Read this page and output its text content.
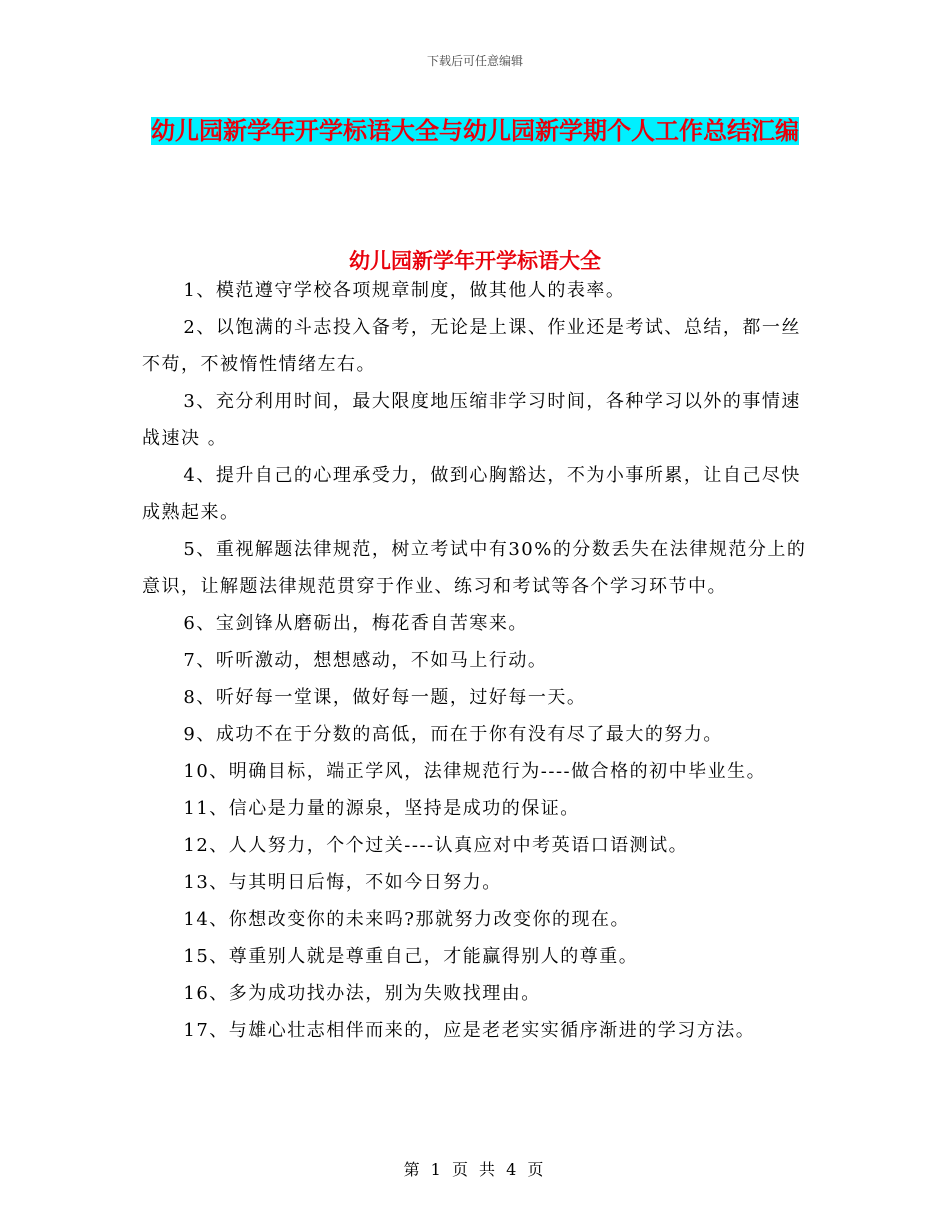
下载后可任意编辑
幼儿园新学年开学标语大全与幼儿园新学期个人工作总结汇编
幼儿园新学年开学标语大全
1、模范遵守学校各项规章制度，做其他人的表率。
2、以饱满的斗志投入备考，无论是上课、作业还是考试、总结，都一丝不苟，不被惰性情绪左右。
3、充分利用时间，最大限度地压缩非学习时间，各种学习以外的事情速战速决 。
4、提升自己的心理承受力，做到心胸豁达，不为小事所累，让自己尽快成熟起来。
5、重视解题法律规范，树立考试中有30%的分数丢失在法律规范分上的意识，让解题法律规范贯穿于作业、练习和考试等各个学习环节中。
6、宝剑锋从磨砺出，梅花香自苦寒来。
7、听听激动，想想感动，不如马上行动。
8、听好每一堂课，做好每一题，过好每一天。
9、成功不在于分数的高低，而在于你有没有尽了最大的努力。
10、明确目标，端正学风，法律规范行为----做合格的初中毕业生。
11、信心是力量的源泉，坚持是成功的保证。
12、人人努力，个个过关----认真应对中考英语口语测试。
13、与其明日后悔，不如今日努力。
14、你想改变你的未来吗?那就努力改变你的现在。
15、尊重别人就是尊重自己，才能赢得别人的尊重。
16、多为成功找办法，别为失败找理由。
17、与雄心壮志相伴而来的，应是老老实实循序渐进的学习方法。
第 1 页 共 4 页
